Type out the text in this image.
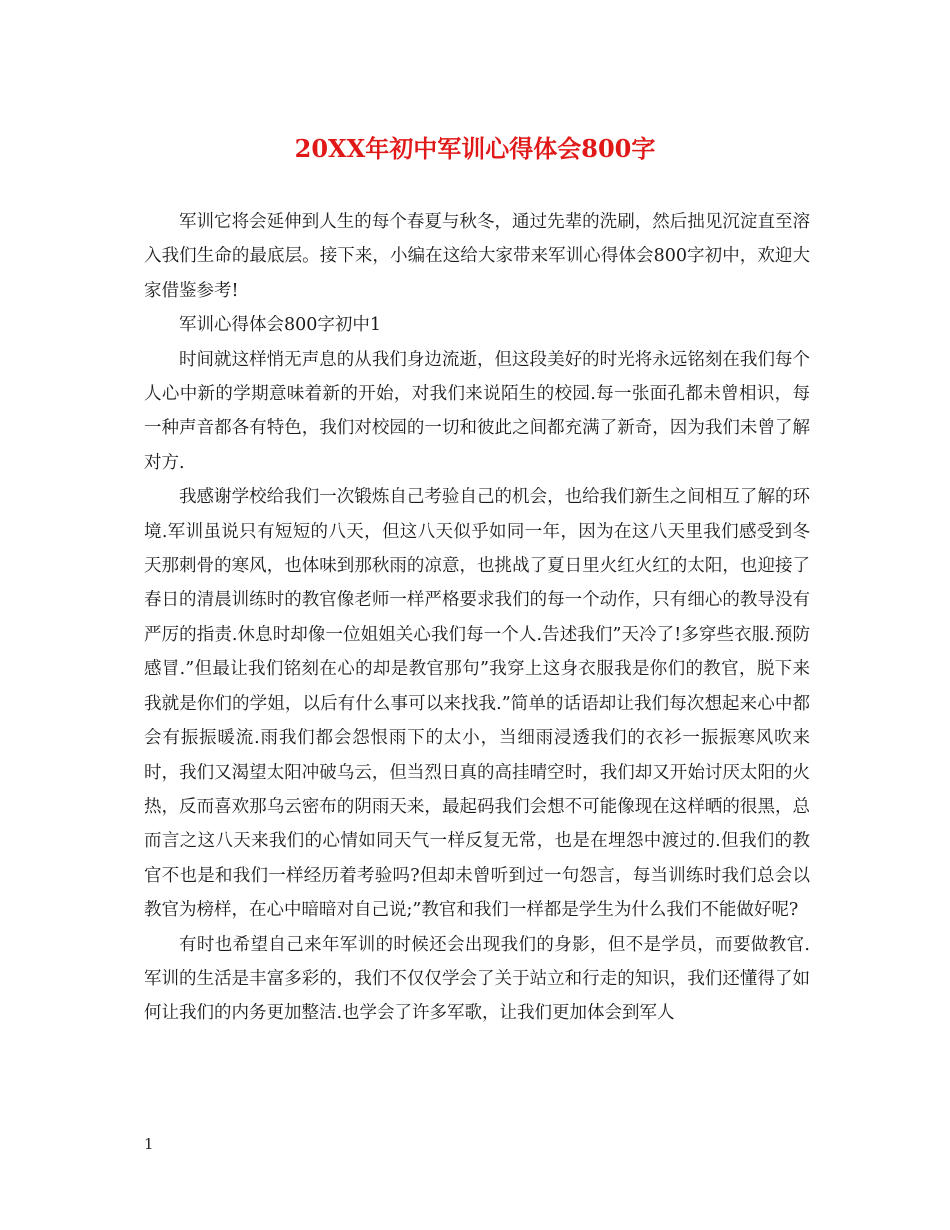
20XX年初中军训心得体会800字

军训它将会延伸到人生的每个春夏与秋冬，通过先辈的洗刷，然后拙见沉淀直至溶入我们生命的最底层。接下来，小编在这给大家带来军训心得体会800字初中，欢迎大家借鉴参考!

军训心得体会800字初中1

时间就这样悄无声息的从我们身边流逝，但这段美好的时光将永远铭刻在我们每个人心中新的学期意味着新的开始，对我们来说陌生的校园.每一张面孔都未曾相识，每一种声音都各有特色，我们对校园的一切和彼此之间都充满了新奇，因为我们未曾了解对方.

我感谢学校给我们一次锻炼自己考验自己的机会，也给我们新生之间相互了解的环境.军训虽说只有短短的八天，但这八天似乎如同一年，因为在这八天里我们感受到冬天那刺骨的寒风，也体味到那秋雨的凉意，也挑战了夏日里火红火红的太阳，也迎接了春日的清晨训练时的教官像老师一样严格要求我们的每一个动作，只有细心的教导没有严厉的指责.休息时却像一位姐姐关心我们每一个人.告述我们”天冷了!多穿些衣服.预防感冒.”但最让我们铭刻在心的却是教官那句”我穿上这身衣服我是你们的教官，脱下来我就是你们的学姐，以后有什么事可以来找我.”简单的话语却让我们每次想起来心中都会有振振暖流.雨我们都会怨恨雨下的太小，当细雨浸透我们的衣衫一振振寒风吹来时，我们又渴望太阳冲破乌云，但当烈日真的高挂晴空时，我们却又开始讨厌太阳的火热，反而喜欢那乌云密布的阴雨天来，最起码我们会想不可能像现在这样晒的很黑，总而言之这八天来我们的心情如同天气一样反复无常，也是在埋怨中渡过的.但我们的教官不也是和我们一样经历着考验吗?但却未曾听到过一句怨言，每当训练时我们总会以教官为榜样，在心中暗暗对自己说;”教官和我们一样都是学生为什么我们不能做好呢?

有时也希望自己来年军训的时候还会出现我们的身影，但不是学员，而要做教官.军训的生活是丰富多彩的，我们不仅仅学会了关于站立和行走的知识，我们还懂得了如何让我们的内务更加整洁.也学会了许多军歌，让我们更加体会到军人

1
